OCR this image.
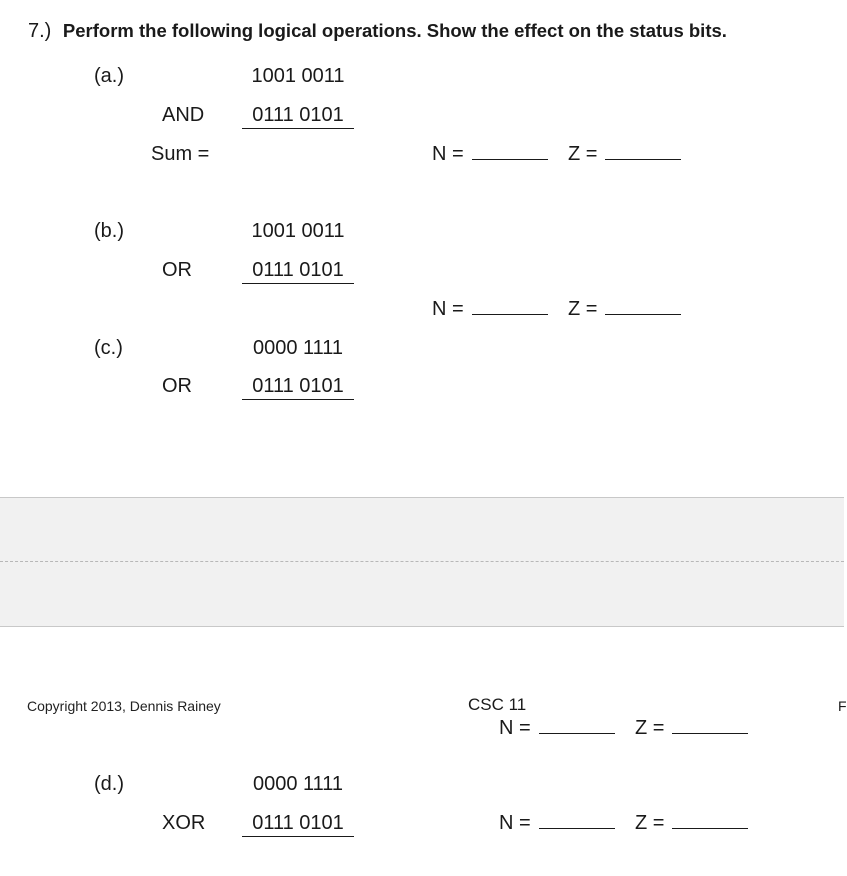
7.) Perform the following logical operations. Show the effect on the status bits.
(a.)	1001 0011
AND	0111 0101
Sum =	N =	Z =
(b.)	1001 0011
OR	0111 0101
N =	Z =
(c.)	0000 1111
OR	0111 0101
Copyright 2013, Dennis Rainey	CSC 11	F
N =	Z =
(d.)	0000 1111
XOR	0111 0101	N =	Z =
